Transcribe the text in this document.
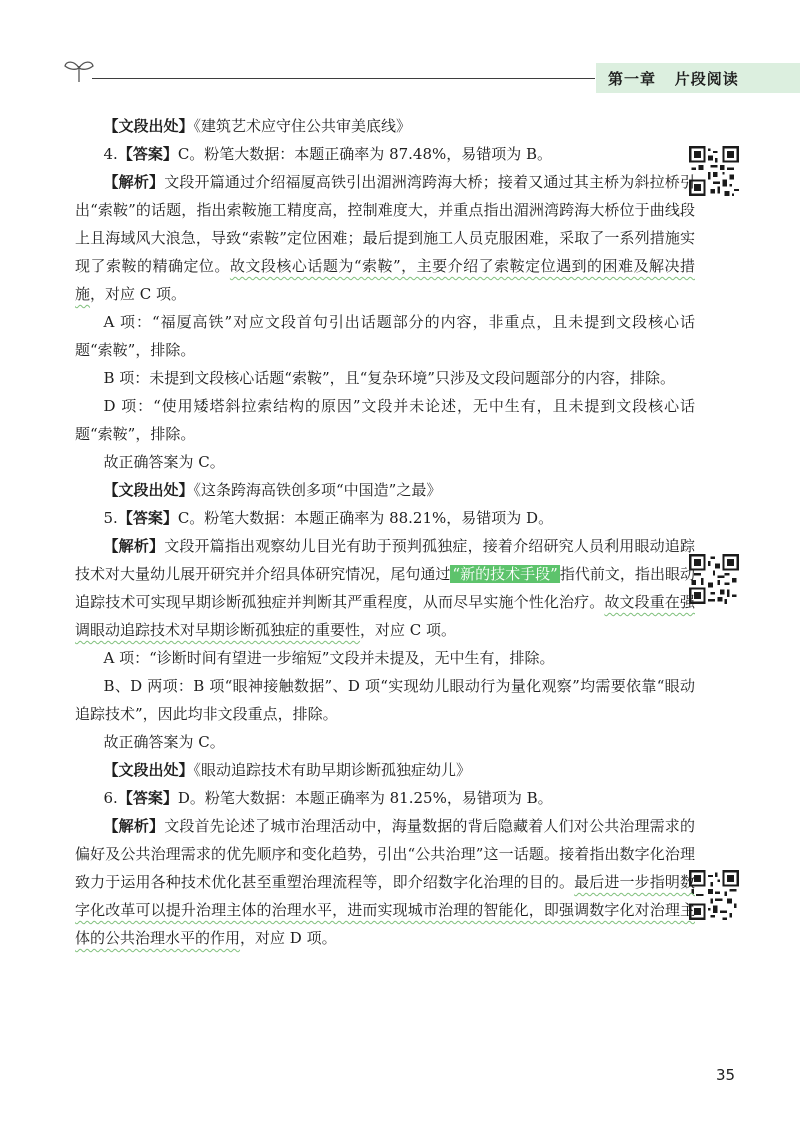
第一章 片段阅读

【文段出处】《建筑艺术应守住公共审美底线》

4.【答案】C。粉笔大数据：本题正确率为 87.48%，易错项为 B。

【解析】文段开篇通过介绍福厦高铁引出湄洲湾跨海大桥；接着又通过其主桥为斜拉桥引出“索鞍”的话题，指出索鞍施工精度高，控制难度大，并重点指出湄洲湾跨海大桥位于曲线段上且海域风大浪急，导致“索鞍”定位困难；最后提到施工人员克服困难，采取了一系列措施实现了索鞍的精确定位。故文段核心话题为“索鞍”，主要介绍了索鞍定位遇到的困难及解决措施，对应 C 项。

A 项：“福厦高铁”对应文段首句引出话题部分的内容，非重点，且未提到文段核心话题“索鞍”，排除。

B 项：未提到文段核心话题“索鞍”，且“复杂环境”只涉及文段问题部分的内容，排除。

D 项：“使用矮塔斜拉索结构的原因”文段并未论述，无中生有，且未提到文段核心话题“索鞍”，排除。

故正确答案为 C。

【文段出处】《这条跨海高铁创多项“中国造”之最》

5.【答案】C。粉笔大数据：本题正确率为 88.21%，易错项为 D。

【解析】文段开篇指出观察幼儿目光有助于预判孤独症，接着介绍研究人员利用眼动追踪技术对大量幼儿展开研究并介绍具体研究情况，尾句通过 “新的技术手段” 指代前文，指出眼动追踪技术可实现早期诊断孤独症并判断其严重程度，从而尽早实施个性化治疗。故文段重在强调眼动追踪技术对早期诊断孤独症的重要性，对应 C 项。

A 项：“诊断时间有望进一步缩短”文段并未提及，无中生有，排除。

B、D 两项：B 项“眼神接触数据”、D 项“实现幼儿眼动行为量化观察”均需要依靠“眼动追踪技术”，因此均非文段重点，排除。

故正确答案为 C。

【文段出处】《眼动追踪技术有助早期诊断孤独症幼儿》

6.【答案】D。粉笔大数据：本题正确率为 81.25%，易错项为 B。

【解析】文段首先论述了城市治理活动中，海量数据的背后隐藏着人们对公共治理需求的偏好及公共治理需求的优先顺序和变化趋势，引出“公共治理”这一话题。接着指出数字化治理致力于运用各种技术优化甚至重塑治理流程等，即介绍数字化治理的目的。最后进一步指明数字化改革可以提升治理主体的治理水平，进而实现城市治理的智能化，即强调数字化对治理主体的公共治理水平的作用，对应 D 项。

35
